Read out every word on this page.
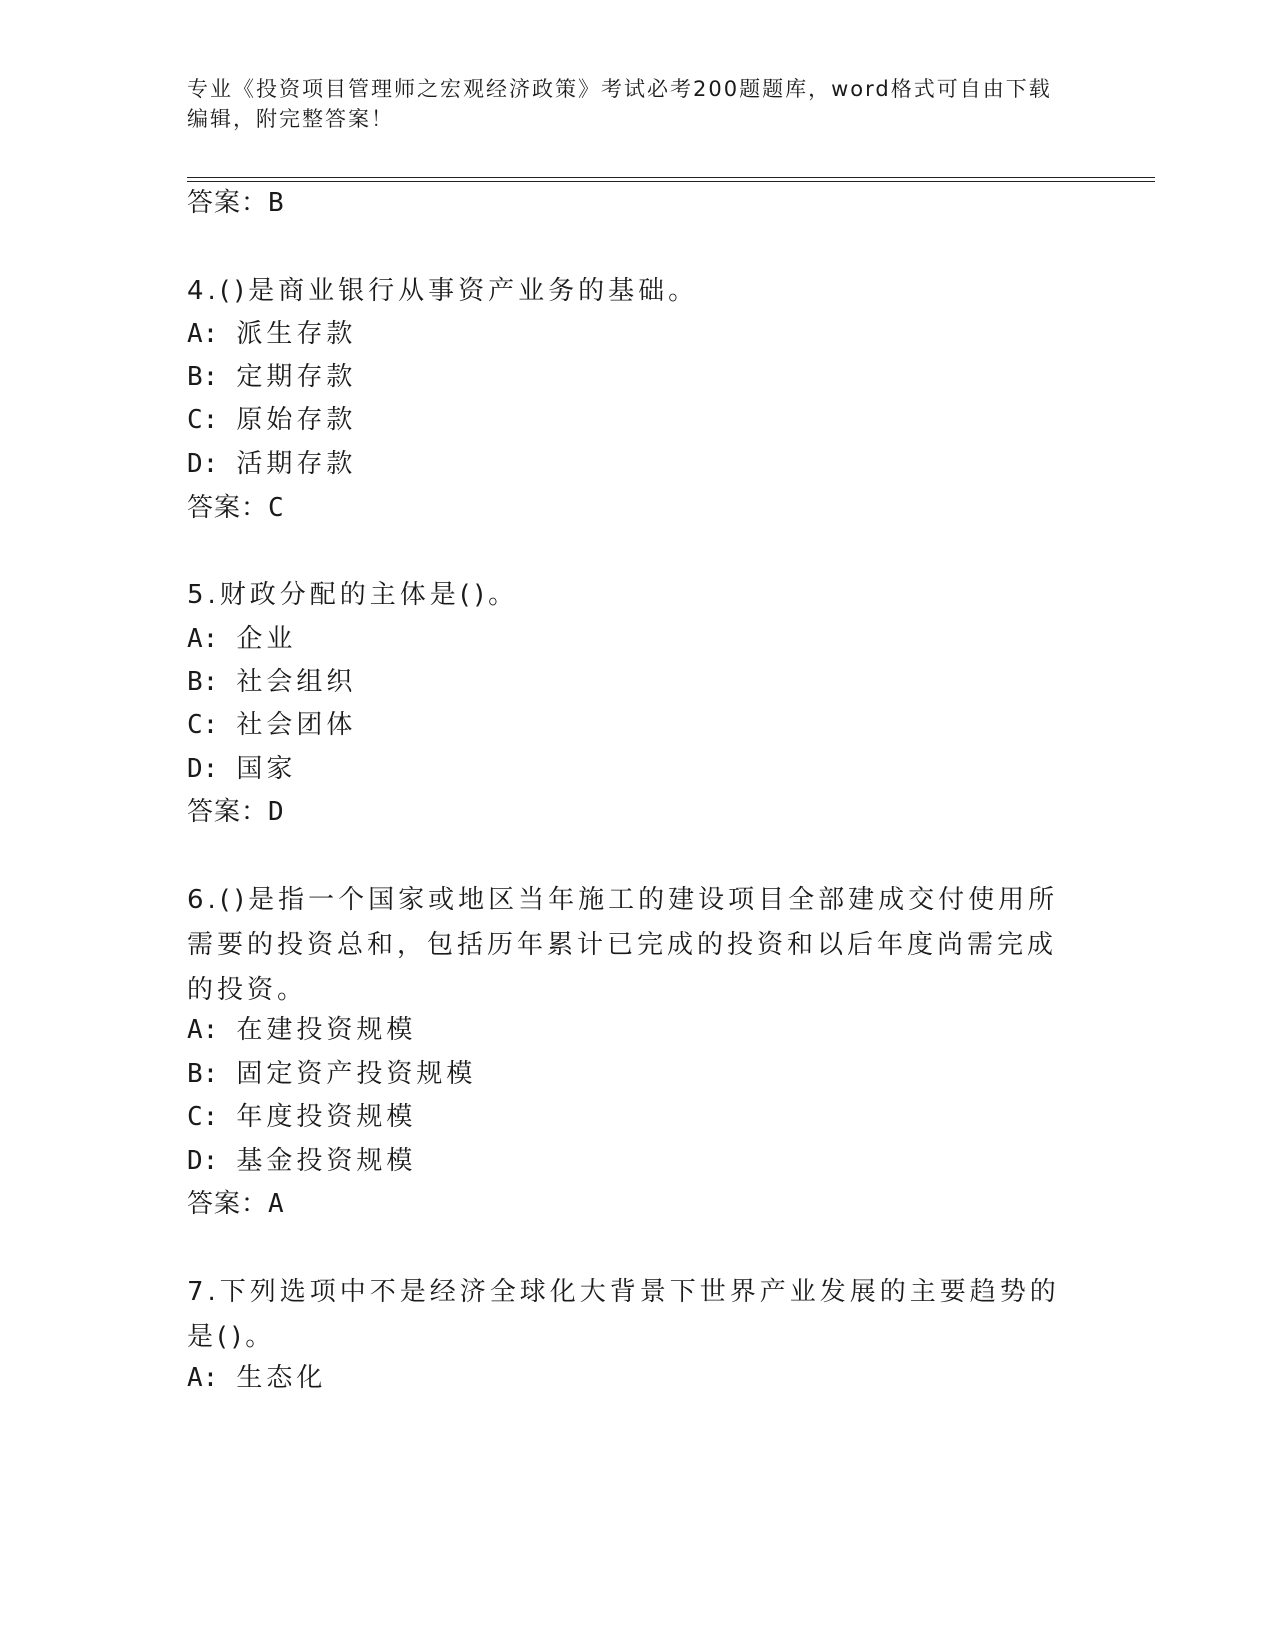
专业《投资项目管理师之宏观经济政策》考试必考200题题库，word格式可自由下载编辑，附完整答案！
答案：B
4.()是商业银行从事资产业务的基础。
A: 派生存款
B: 定期存款
C: 原始存款
D: 活期存款
答案：C
5.财政分配的主体是()。
A: 企业
B: 社会组织
C: 社会团体
D: 国家
答案：D
6.()是指一个国家或地区当年施工的建设项目全部建成交付使用所需要的投资总和，包括历年累计已完成的投资和以后年度尚需完成的投资。
A: 在建投资规模
B: 固定资产投资规模
C: 年度投资规模
D: 基金投资规模
答案：A
7.下列选项中不是经济全球化大背景下世界产业发展的主要趋势的是()。
A: 生态化
